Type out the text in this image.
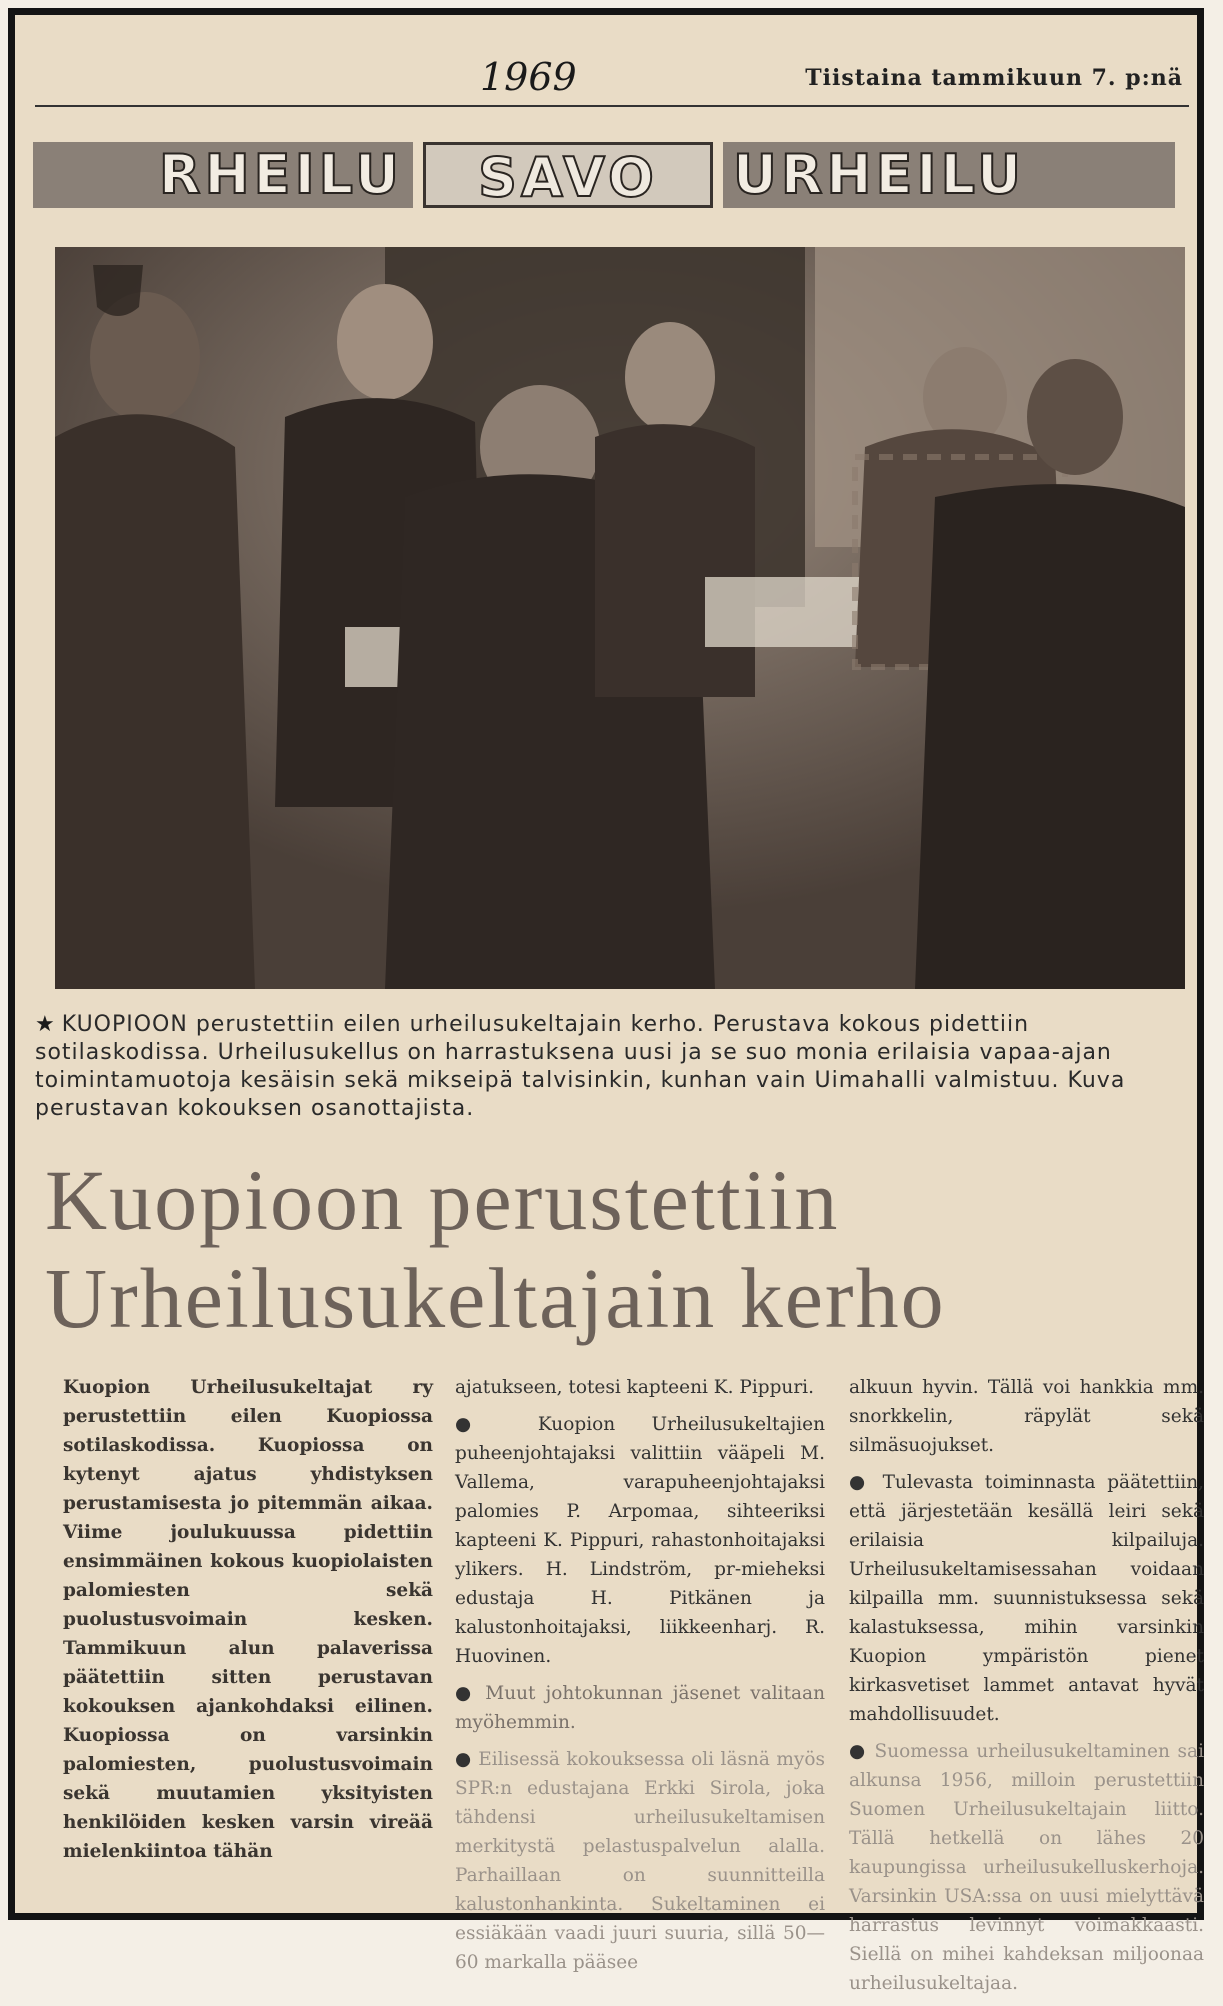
1969	Tiistaina tammikuun 7. p:nä
RHEILU	SAVO	URHEILU
★ KUOPIOON perustettiin eilen urheilusukeltajain kerho. Perustava kokous pidettiin sotilaskodissa. Urheilusukellus on harrastuksena uusi ja se suo monia erilaisia vapaa-ajan toimintamuotoja kesäisin sekä mikseipä talvisinkin, kunhan vain Uimahalli valmistuu. Kuva perustavan kokouksen osanottajista.
Kuopioon perustettiin
Urheilusukeltajain kerho

Kuopion Urheilusukeltajat ry perustettiin eilen Kuopiossa sotilaskodissa. Kuopiossa on kytenyt ajatus yhdistyksen perustamisesta jo pitemmän aikaa. Viime joulukuussa pidettiin ensimmäinen kokous kuopiolaisten palomiesten sekä puolustusvoimain kesken. Tammikuun alun palaverissa päätettiin sitten perustavan kokouksen ajankohdaksi eilinen. Kuopiossa on varsinkin palomiesten, puolustusvoimain sekä muutamien yksityisten henkilöiden kesken varsin vireää mielenkiintoa tähän

ajatukseen, totesi kapteeni K. Pippuri.

● Kuopion Urheilusukeltajien puheenjohtajaksi valittiin vääpeli M. Vallema, varapuheenjohtajaksi palomies P. Arpomaa, sihteeriksi kapteeni K. Pippuri, rahastonhoitajaksi ylikers. H. Lindström, pr-mieheksi edustaja H. Pitkänen ja kalustonhoitajaksi, liikkeenharj. R. Huovinen.

● Muut johtokunnan jäsenet valitaan myöhemmin.

● Eilisessä kokouksessa oli läsnä myös SPR:n edustajana Erkki Sirola, joka tähdensi urheilusukeltamisen merkitystä pelastuspalvelun alalla. Parhaillaan on suunnitteilla kalustonhankinta. Sukeltaminen ei essiäkään vaadi juuri suuria, sillä 50—60 markalla pääsee

alkuun hyvin. Tällä voi hankkia mm. snorkkelin, räpylät sekä silmäsuojukset.

● Tulevasta toiminnasta päätettiin, että järjestetään kesällä leiri sekä erilaisia kilpailuja. Urheilusukeltamisessahan voidaan kilpailla mm. suunnistuksessa sekä kalastuksessa, mihin varsinkin Kuopion ympäristön pienet kirkasvetiset lammet antavat hyvät mahdollisuudet.

● Suomessa urheilusukeltaminen sai alkunsa 1956, milloin perustettiin Suomen Urheilusukeltajain liitto. Tällä hetkellä on lähes 20 kaupungissa urheilusukelluskerhoja. Varsinkin USA:ssa on uusi mielyttävä harrastus levinnyt voimakkaasti. Siellä on mihei kahdeksan miljoonaa urheilusukeltajaa.
